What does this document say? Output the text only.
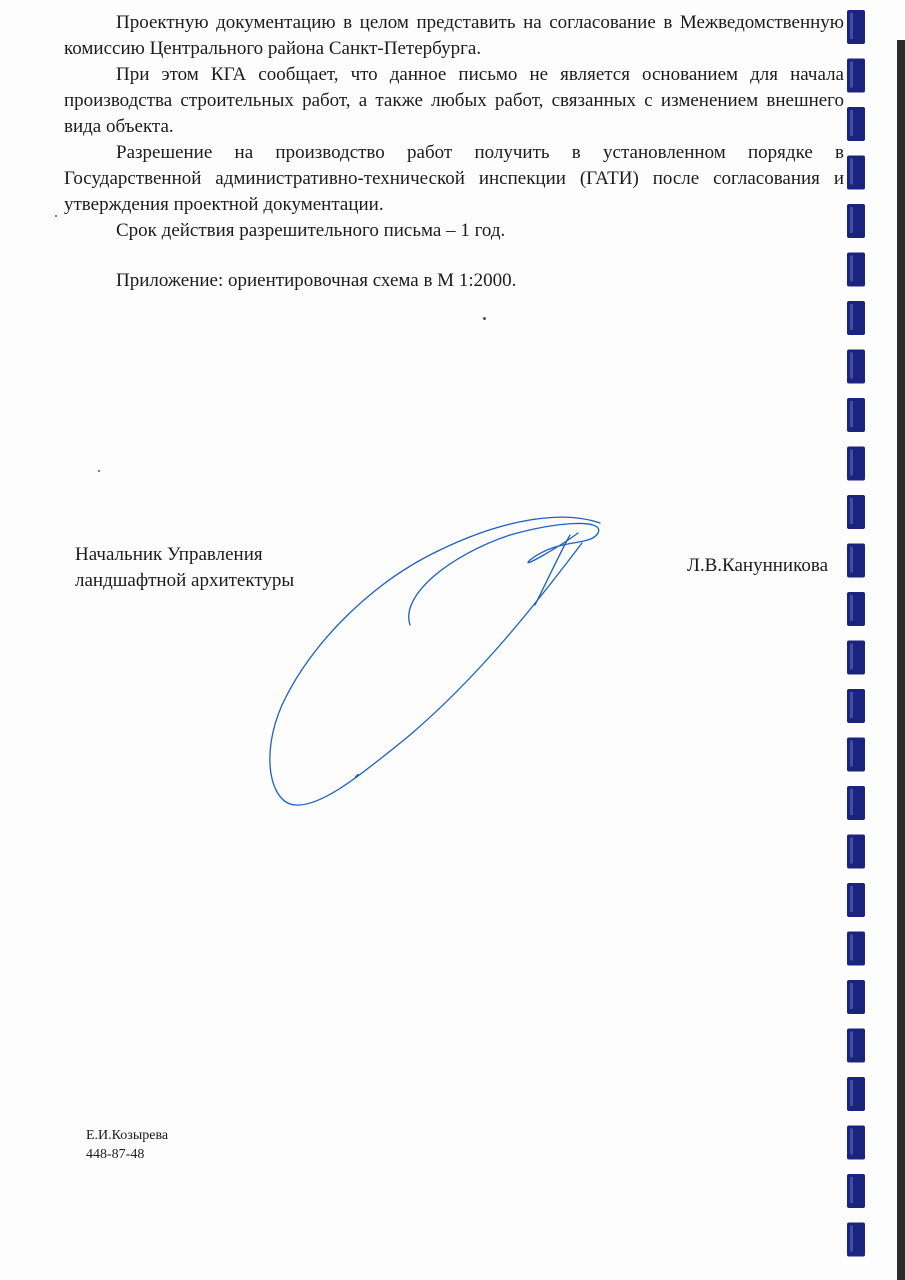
Проектную документацию в целом представить на согласование в Межведомственную комиссию Центрального района Санкт-Петербурга.

При этом КГА сообщает, что данное письмо не является основанием для начала производства строительных работ, а также любых работ, связанных с изменением внешнего вида объекта.

Разрешение на производство работ получить в установленном порядке в Государственной административно-технической инспекции (ГАТИ) после согласования и утверждения проектной документации.

Срок действия разрешительного письма – 1 год.

Приложение: ориентировочная схема в М 1:2000.

Начальник Управления
ландшафтной архитектуры
Л.В.Канунникова
Е.И.Козырева
448-87-48
